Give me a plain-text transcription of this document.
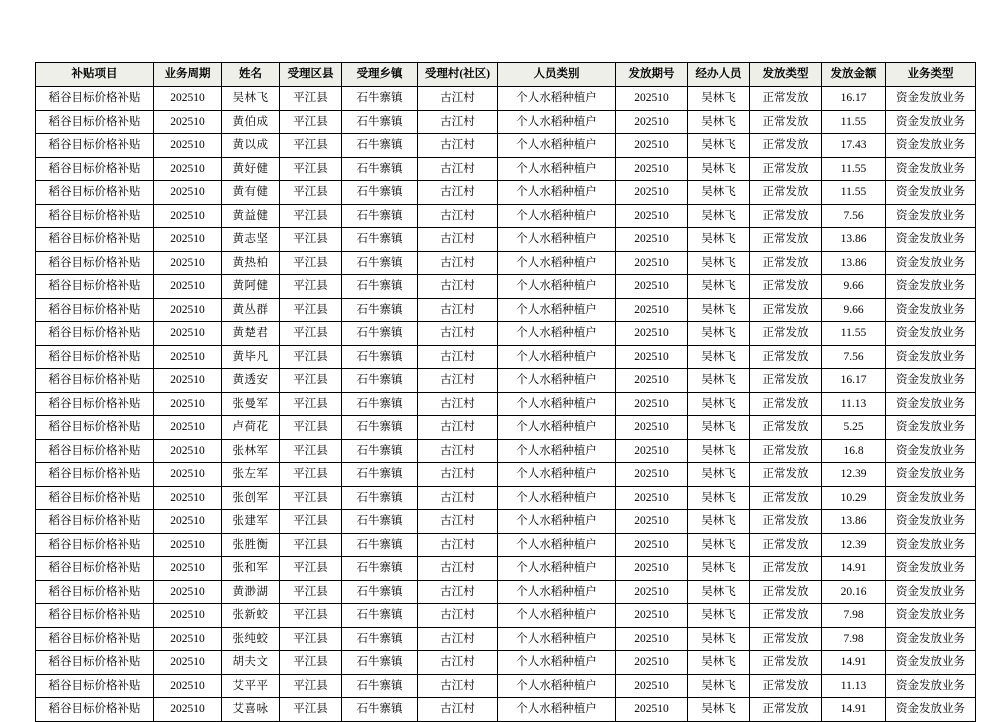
补贴项目	业务周期	姓名	受理区县	受理乡镇	受理村(社区)	人员类别	发放期号	经办人员	发放类型	发放金额	业务类型
稻谷目标价格补贴	202510	吴林飞	平江县	石牛寨镇	古江村	个人水稻种植户	202510	吴林飞	正常发放	16.17	资金发放业务
稻谷目标价格补贴	202510	黄伯成	平江县	石牛寨镇	古江村	个人水稻种植户	202510	吴林飞	正常发放	11.55	资金发放业务
稻谷目标价格补贴	202510	黄以成	平江县	石牛寨镇	古江村	个人水稻种植户	202510	吴林飞	正常发放	17.43	资金发放业务
稻谷目标价格补贴	202510	黄好健	平江县	石牛寨镇	古江村	个人水稻种植户	202510	吴林飞	正常发放	11.55	资金发放业务
稻谷目标价格补贴	202510	黄有健	平江县	石牛寨镇	古江村	个人水稻种植户	202510	吴林飞	正常发放	11.55	资金发放业务
稻谷目标价格补贴	202510	黄益健	平江县	石牛寨镇	古江村	个人水稻种植户	202510	吴林飞	正常发放	7.56	资金发放业务
稻谷目标价格补贴	202510	黄志坚	平江县	石牛寨镇	古江村	个人水稻种植户	202510	吴林飞	正常发放	13.86	资金发放业务
稻谷目标价格补贴	202510	黄热柏	平江县	石牛寨镇	古江村	个人水稻种植户	202510	吴林飞	正常发放	13.86	资金发放业务
稻谷目标价格补贴	202510	黄阿健	平江县	石牛寨镇	古江村	个人水稻种植户	202510	吴林飞	正常发放	9.66	资金发放业务
稻谷目标价格补贴	202510	黄丛群	平江县	石牛寨镇	古江村	个人水稻种植户	202510	吴林飞	正常发放	9.66	资金发放业务
稻谷目标价格补贴	202510	黄楚君	平江县	石牛寨镇	古江村	个人水稻种植户	202510	吴林飞	正常发放	11.55	资金发放业务
稻谷目标价格补贴	202510	黄毕凡	平江县	石牛寨镇	古江村	个人水稻种植户	202510	吴林飞	正常发放	7.56	资金发放业务
稻谷目标价格补贴	202510	黄透安	平江县	石牛寨镇	古江村	个人水稻种植户	202510	吴林飞	正常发放	16.17	资金发放业务
稻谷目标价格补贴	202510	张曼军	平江县	石牛寨镇	古江村	个人水稻种植户	202510	吴林飞	正常发放	11.13	资金发放业务
稻谷目标价格补贴	202510	卢荷花	平江县	石牛寨镇	古江村	个人水稻种植户	202510	吴林飞	正常发放	5.25	资金发放业务
稻谷目标价格补贴	202510	张林军	平江县	石牛寨镇	古江村	个人水稻种植户	202510	吴林飞	正常发放	16.8	资金发放业务
稻谷目标价格补贴	202510	张左军	平江县	石牛寨镇	古江村	个人水稻种植户	202510	吴林飞	正常发放	12.39	资金发放业务
稻谷目标价格补贴	202510	张创军	平江县	石牛寨镇	古江村	个人水稻种植户	202510	吴林飞	正常发放	10.29	资金发放业务
稻谷目标价格补贴	202510	张建军	平江县	石牛寨镇	古江村	个人水稻种植户	202510	吴林飞	正常发放	13.86	资金发放业务
稻谷目标价格补贴	202510	张胜衡	平江县	石牛寨镇	古江村	个人水稻种植户	202510	吴林飞	正常发放	12.39	资金发放业务
稻谷目标价格补贴	202510	张和军	平江县	石牛寨镇	古江村	个人水稻种植户	202510	吴林飞	正常发放	14.91	资金发放业务
稻谷目标价格补贴	202510	黄渺湖	平江县	石牛寨镇	古江村	个人水稻种植户	202510	吴林飞	正常发放	20.16	资金发放业务
稻谷目标价格补贴	202510	张新蛟	平江县	石牛寨镇	古江村	个人水稻种植户	202510	吴林飞	正常发放	7.98	资金发放业务
稻谷目标价格补贴	202510	张纯蛟	平江县	石牛寨镇	古江村	个人水稻种植户	202510	吴林飞	正常发放	7.98	资金发放业务
稻谷目标价格补贴	202510	胡夫文	平江县	石牛寨镇	古江村	个人水稻种植户	202510	吴林飞	正常发放	14.91	资金发放业务
稻谷目标价格补贴	202510	艾平平	平江县	石牛寨镇	古江村	个人水稻种植户	202510	吴林飞	正常发放	11.13	资金发放业务
稻谷目标价格补贴	202510	艾喜咏	平江县	石牛寨镇	古江村	个人水稻种植户	202510	吴林飞	正常发放	14.91	资金发放业务
